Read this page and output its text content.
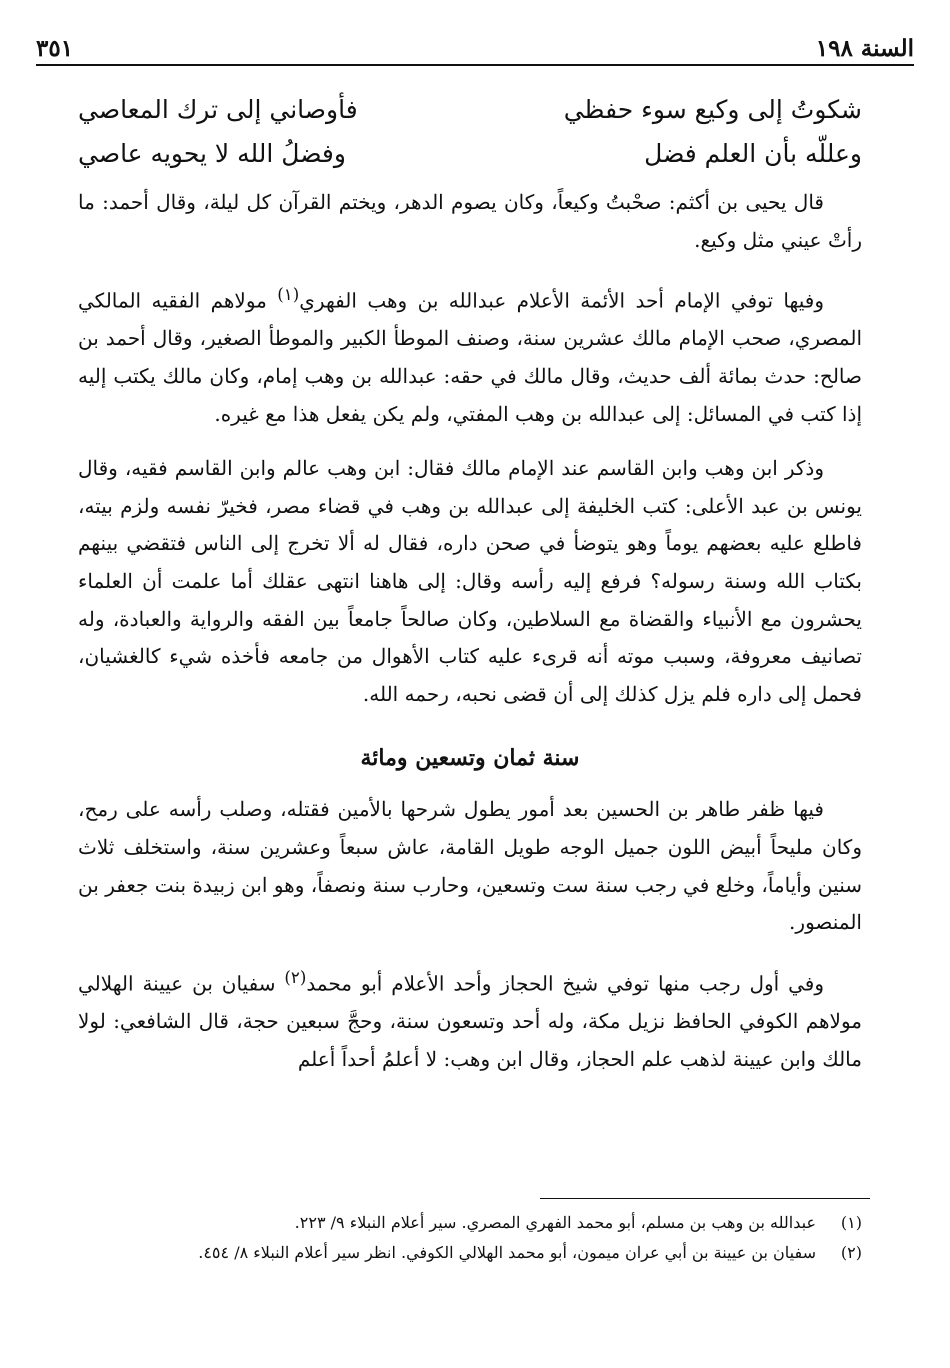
السنة ١٩٨
٣٥١
شكوتُ إلى وكيع سوء حفظي
فأوصاني إلى ترك المعاصي
وعللّه بأن العلم فضل
وفضلُ الله لا يحويه عاصي

قال يحيى بن أكثم: صحْبتُ وكيعاً، وكان يصوم الدهر، ويختم القرآن كل ليلة، وقال أحمد: ما رأتْ عيني مثل وكيع.

وفيها توفي الإمام أحد الأئمة الأعلام عبدالله بن وهب الفهري$^{(١)}$ مولاهم الفقيه المالكي المصري، صحب الإمام مالك عشرين سنة، وصنف الموطأ الكبير والموطأ الصغير، وقال أحمد بن صالح: حدث بمائة ألف حديث، وقال مالك في حقه: عبدالله بن وهب إمام، وكان مالك يكتب إليه إذا كتب في المسائل: إلى عبدالله بن وهب المفتي، ولم يكن يفعل هذا مع غيره.

وذكر ابن وهب وابن القاسم عند الإمام مالك فقال: ابن وهب عالم وابن القاسم فقيه، وقال يونس بن عبد الأعلى: كتب الخليفة إلى عبدالله بن وهب في قضاء مصر، فخيرّ نفسه ولزم بيته، فاطلع عليه بعضهم يوماً وهو يتوضأ في صحن داره، فقال له ألا تخرج إلى الناس فتقضي بينهم بكتاب الله وسنة رسوله؟ فرفع إليه رأسه وقال: إلى هاهنا انتهى عقلك أما علمت أن العلماء يحشرون مع الأنبياء والقضاة مع السلاطين، وكان صالحاً جامعاً بين الفقه والرواية والعبادة، وله تصانيف معروفة، وسبب موته أنه قرىء عليه كتاب الأهوال من جامعه فأخذه شيء كالغشيان، فحمل إلى داره فلم يزل كذلك إلى أن قضى نحبه، رحمه الله.

سنة ثمان وتسعين ومائة

فيها ظفر طاهر بن الحسين بعد أمور يطول شرحها بالأمين فقتله، وصلب رأسه على رمح، وكان مليحاً أبيض اللون جميل الوجه طويل القامة، عاش سبعاً وعشرين سنة، واستخلف ثلاث سنين وأياماً، وخلع في رجب سنة ست وتسعين، وحارب سنة ونصفاً، وهو ابن زبيدة بنت جعفر بن المنصور.

وفي أول رجب منها توفي شيخ الحجاز وأحد الأعلام أبو محمد$^{(٢)}$ سفيان بن عيينة الهلالي مولاهم الكوفي الحافظ نزيل مكة، وله أحد وتسعون سنة، وحجَّ سبعين حجة، قال الشافعي: لولا مالك وابن عيينة لذهب علم الحجاز، وقال ابن وهب: لا أعلمُ أحداً أعلم

(١)
عبدالله بن وهب بن مسلم، أبو محمد الفهري المصري. سير أعلام النبلاء ٩/ ٢٢٣.
(٢)
سفيان بن عيينة بن أبي عران ميمون، أبو محمد الهلالي الكوفي. انظر سير أعلام النبلاء ٨/ ٤٥٤.
